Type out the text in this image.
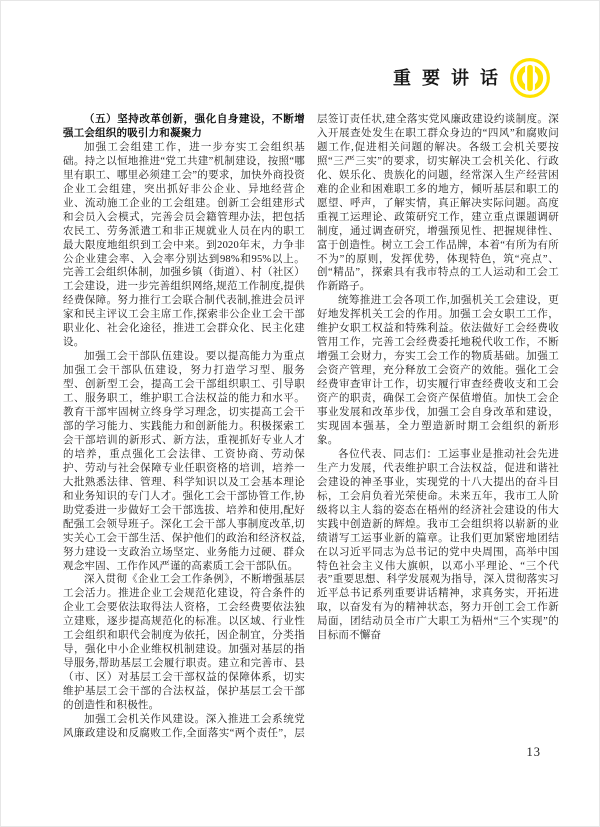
重要讲话

（五）坚持改革创新，强化自身建设，不断增强工会组织的吸引力和凝聚力

加强工会组建工作，进一步夯实工会组织基础。持之以恒地推进“党工共建”机制建设，按照“哪里有职工、哪里必须建工会”的要求，加快外商投资企业工会组建，突出抓好非公企业、异地经营企业、流动施工企业的工会组建。创新工会组建形式和会员入会模式，完善会员会籍管理办法，把包括农民工、劳务派遣工和非正规就业人员在内的职工最大限度地组织到工会中来。到2020年末，力争非公企业建会率、入会率分别达到98%和95%以上。完善工会组织体制，加强乡镇（街道）、村（社区）工会建设，进一步完善组织网络,规范工作制度,提供经费保障。努力推行工会联合制代表制,推进会员评家和民主评议工会主席工作,探索非公企业工会干部职业化、社会化途径，推进工会群众化、民主化建设。

加强工会干部队伍建设。要以提高能力为重点加强工会干部队伍建设，努力打造学习型、服务型、创新型工会，提高工会干部组织职工、引导职工、服务职工，维护职工合法权益的能力和水平。教育干部牢固树立终身学习理念，切实提高工会干部的学习能力、实践能力和创新能力。积极探索工会干部培训的新形式、新方法，重视抓好专业人才的培养，重点强化工会法律、工资协商、劳动保护、劳动与社会保障专业任职资格的培训，培养一大批熟悉法律、管理、科学知识以及工会基本理论和业务知识的专门人才。强化工会干部协管工作,协助党委进一步做好工会干部选拔、培养和使用,配好配强工会领导班子。深化工会干部人事制度改革,切实关心工会干部生活、保护他们的政治和经济权益,努力建设一支政治立场坚定、业务能力过硬、群众观念牢固、工作作风严谨的高素质工会干部队伍。

深入贯彻《企业工会工作条例》，不断增强基层工会活力。推进企业工会规范化建设，符合条件的企业工会要依法取得法人资格，工会经费要依法独立建账，逐步提高规范化的标准。以区域、行业性工会组织和职代会制度为依托，因企制宜，分类指导，强化中小企业维权机制建设。加强对基层的指导服务,帮助基层工会履行职责。建立和完善市、县（市、区）对基层工会干部权益的保障体系，切实维护基层工会干部的合法权益，保护基层工会干部的创造性和积极性。

加强工会机关作风建设。深入推进工会系统党风廉政建设和反腐败工作,全面落实“两个责任”，层层签订责任状,建全落实党风廉政建设约谈制度。深入开展查处发生在职工群众身边的“四风”和腐败问题工作,促进相关问题的解决。各级工会机关要按照“三严三实”的要求，切实解决工会机关化、行政化、娱乐化、贵族化的问题，经常深入生产经营困难的企业和困难职工多的地方，倾听基层和职工的愿望、呼声，了解实情，真正解决实际问题。高度重视工运理论、政策研究工作，建立重点课题调研制度，通过调查研究，增强预见性、把握规律性、富于创造性。树立工会工作品牌，本着“有所为有所不为”的原则，发挥优势，体现特色，筑“亮点”、创“精品”，探索具有我市特点的工人运动和工会工作新路子。

统筹推进工会各项工作,加强机关工会建设，更好地发挥机关工会的作用。加强工会女职工工作，维护女职工权益和特殊利益。依法做好工会经费收管用工作，完善工会经费委托地税代收工作，不断增强工会财力，夯实工会工作的物质基础。加强工会资产管理，充分释放工会资产的效能。强化工会经费审查审计工作，切实履行审查经费收支和工会资产的职责，确保工会资产保值增值。加快工会企事业发展和改革步伐，加强工会自身改革和建设，实现固本强基，全力塑造新时期工会组织的新形象。

各位代表、同志们：工运事业是推动社会先进生产力发展，代表维护职工合法权益，促进和谐社会建设的神圣事业，实现党的十八大提出的奋斗目标，工会肩负着光荣使命。未来五年，我市工人阶级将以主人翁的姿态在梧州的经济社会建设的伟大实践中创造新的辉煌。我市工会组织将以崭新的业绩谱写工运事业新的篇章。让我们更加紧密地团结在以习近平同志为总书记的党中央周围，高举中国特色社会主义伟大旗帜，以邓小平理论、“三个代表”重要思想、科学发展观为指导，深入贯彻落实习近平总书记系列重要讲话精神，求真务实，开拓进取，以奋发有为的精神状态，努力开创工会工作新局面，团结动员全市广大职工为梧州“三个实现”的目标而不懈奋

13
